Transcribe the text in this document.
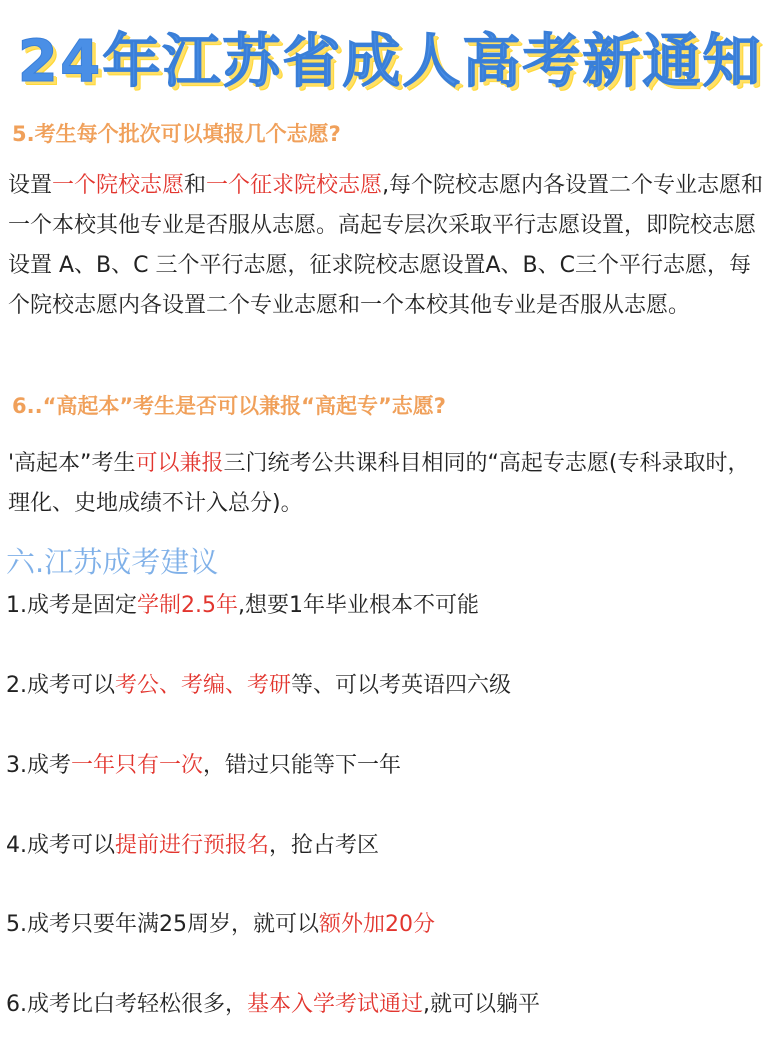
24年江苏省成人高考新通知
5.考生每个批次可以填报几个志愿?
设置一个院校志愿和一个征求院校志愿,每个院校志愿内各设置二个专业志愿和一个本校其他专业是否服从志愿。高起专层次采取平行志愿设置，即院校志愿设置 A、B、C 三个平行志愿，征求院校志愿设置A、B、C三个平行志愿，每个院校志愿内各设置二个专业志愿和一个本校其他专业是否服从志愿。
6..“高起本”考生是否可以兼报“高起专”志愿?
'高起本”考生可以兼报三门统考公共课科目相同的“高起专志愿(专科录取时，理化、史地成绩不计入总分)。
六.江苏成考建议
1.成考是固定学制2.5年,想要1年毕业根本不可能
2.成考可以考公、考编、考研等、可以考英语四六级
3.成考一年只有一次，错过只能等下一年
4.成考可以提前进行预报名，抢占考区
5.成考只要年满25周岁，就可以额外加20分
6.成考比白考轻松很多，基本入学考试通过,就可以躺平
